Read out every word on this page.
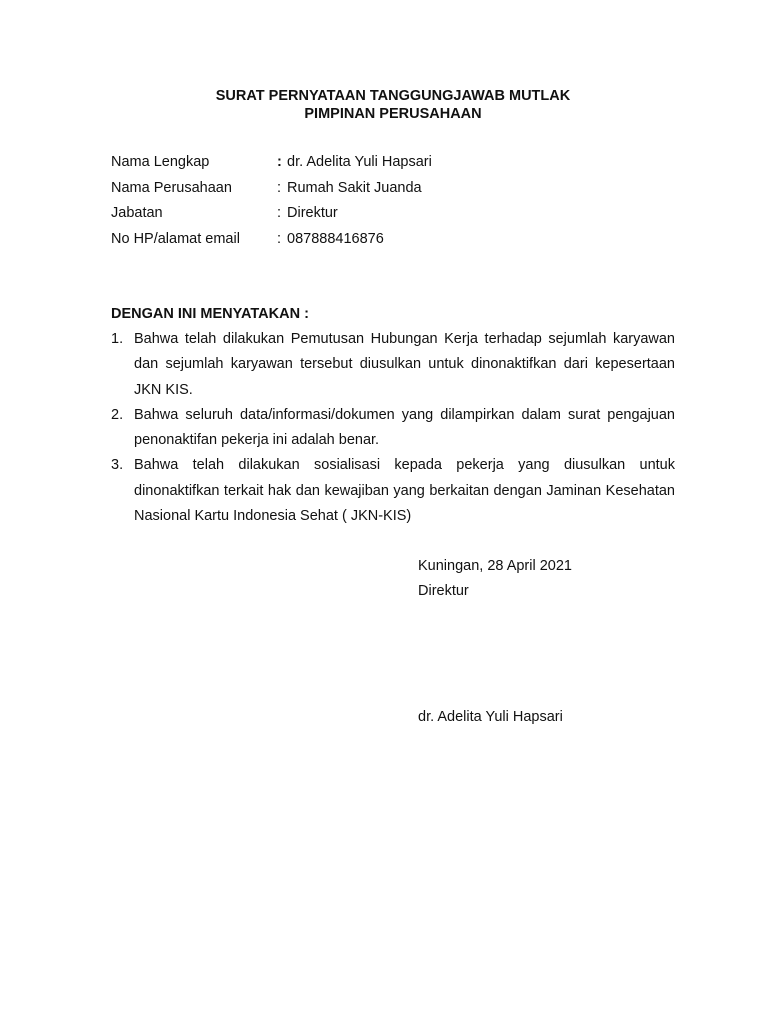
SURAT PERNYATAAN TANGGUNGJAWAB MUTLAK
PIMPINAN PERUSAHAAN
Nama Lengkap	: dr. Adelita Yuli Hapsari
Nama Perusahaan	: Rumah Sakit Juanda
Jabatan	: Direktur
No HP/alamat email	: 087888416876
DENGAN INI MENYATAKAN :
1. Bahwa telah dilakukan Pemutusan Hubungan Kerja terhadap sejumlah karyawan dan sejumlah karyawan tersebut diusulkan untuk dinonaktifkan dari kepesertaan JKN KIS.
2. Bahwa seluruh data/informasi/dokumen yang dilampirkan dalam surat pengajuan penonaktifan pekerja ini adalah benar.
3. Bahwa telah dilakukan sosialisasi kepada pekerja yang diusulkan untuk dinonaktifkan terkait hak dan kewajiban yang berkaitan dengan Jaminan Kesehatan Nasional Kartu Indonesia Sehat ( JKN-KIS)
Kuningan, 28 April 2021
Direktur
dr. Adelita Yuli Hapsari
